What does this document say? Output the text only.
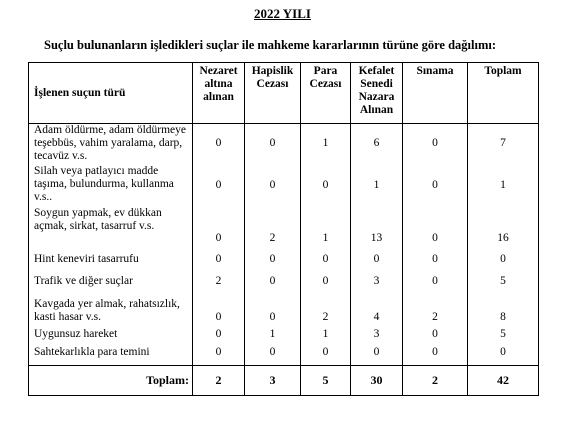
2022 YILI
Suçlu bulunanların işledikleri suçlar ile mahkeme kararlarının türüne göre dağılımı:
İşlenen suçun türü	Nezaret altına alınan	Hapislik Cezası	Para Cezası	Kefalet Senedi Nazara Alınan	Sınama	Toplam
Adam öldürme, adam öldürmeye teşebbüs, vahim yaralama, darp, tecavüz v.s.	0	0	1	6	0	7
Silah veya patlayıcı madde taşıma, bulundurma, kullanma v.s..	0	0	0	1	0	1
Soygun yapmak, ev dükkan açmak, sirkat, tasarruf v.s.	0	2	1	13	0	16
Hint keneviri tasarrufu	0	0	0	0	0	0
Trafik ve diğer suçlar	2	0	0	3	0	5
Kavgada yer almak, rahatsızlık, kasti hasar v.s.	0	0	2	4	2	8
Uygunsuz hareket	0	1	1	3	0	5
Sahtekarlıkla para temini	0	0	0	0	0	0
Toplam:	2	3	5	30	2	42
